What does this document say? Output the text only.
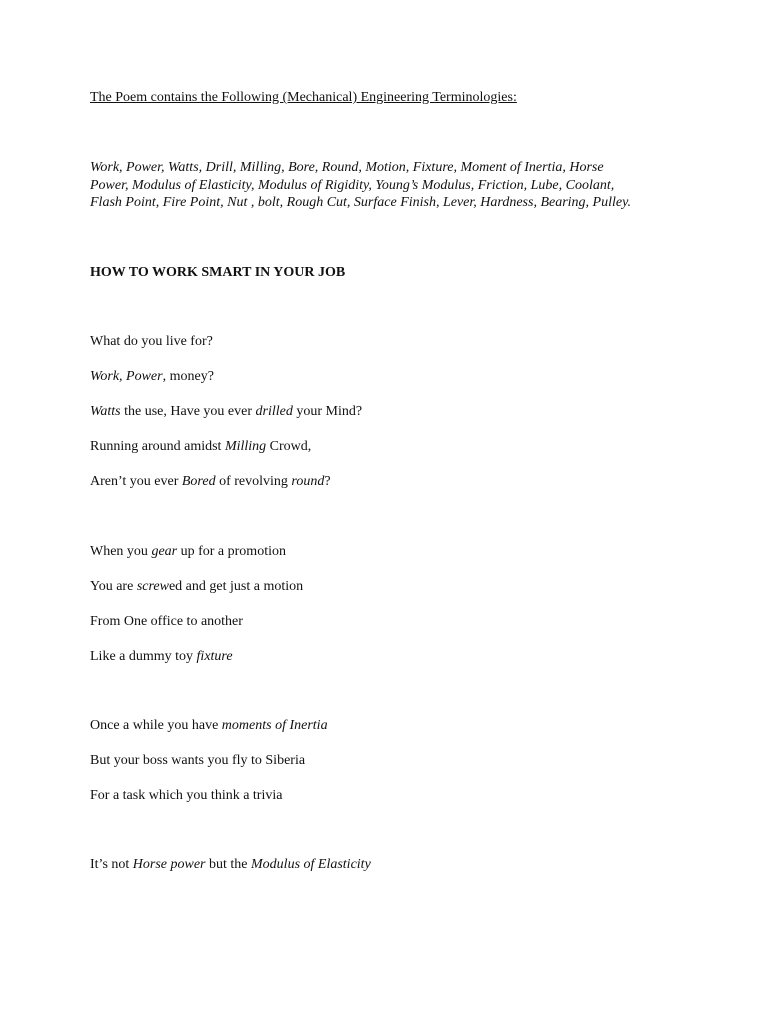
The Poem contains the Following (Mechanical) Engineering Terminologies:
Work, Power, Watts, Drill, Milling, Bore, Round, Motion, Fixture, Moment of Inertia, Horse
Power, Modulus of Elasticity, Modulus of Rigidity, Young’s Modulus, Friction, Lube, Coolant,
Flash Point, Fire Point, Nut , bolt, Rough Cut, Surface Finish, Lever, Hardness, Bearing, Pulley.
HOW TO WORK SMART IN YOUR JOB
What do you live for?
Work, Power, money?
Watts the use, Have you ever drilled your Mind?
Running around amidst Milling Crowd,
Aren’t you ever Bored of revolving round?
When you gear up for a promotion
You are screwed and get just a motion
From One office to another
Like a dummy toy fixture
Once a while you have moments of Inertia
But your boss wants you fly to Siberia
For a task which you think a trivia
It’s not Horse power but the Modulus of Elasticity
